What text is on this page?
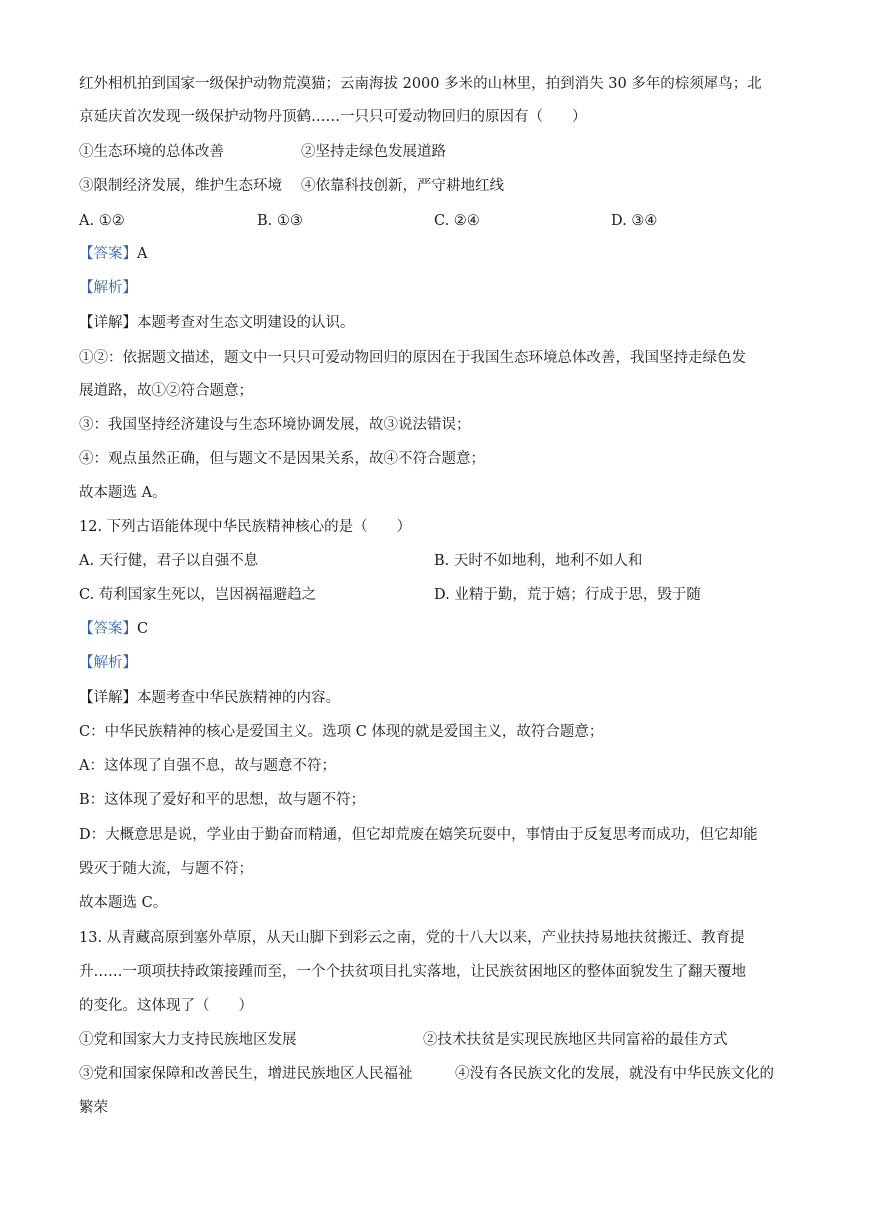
红外相机拍到国家一级保护动物荒漠猫；云南海拔 2000 多米的山林里，拍到消失 30 多年的棕须犀鸟；北
京延庆首次发现一级保护动物丹顶鹤……一只只可爱动物回归的原因有（　　）
①生态环境的总体改善	②坚持走绿色发展道路
③限制经济发展，维护生态环境 ④依靠科技创新，严守耕地红线
A. ①②	B. ①③	C. ②④	D. ③④
【答案】A
【解析】
【详解】本题考查对生态文明建设的认识。
①②：依据题文描述，题文中一只只可爱动物回归的原因在于我国生态环境总体改善，我国坚持走绿色发
展道路，故①②符合题意；
③：我国坚持经济建设与生态环境协调发展，故③说法错误；
④：观点虽然正确，但与题文不是因果关系，故④不符合题意；
故本题选 A。
12. 下列古语能体现中华民族精神核心的是（　　）
A. 天行健，君子以自强不息	B. 天时不如地利，地利不如人和
C. 苟利国家生死以，岂因祸福避趋之	D. 业精于勤，荒于嬉；行成于思，毁于随
【答案】C
【解析】
【详解】本题考查中华民族精神的内容。
C：中华民族精神的核心是爱国主义。选项 C 体现的就是爱国主义，故符合题意；
A：这体现了自强不息，故与题意不符；
B：这体现了爱好和平的思想，故与题不符；
D：大概意思是说，学业由于勤奋而精通，但它却荒废在嬉笑玩耍中，事情由于反复思考而成功，但它却能
毁灭于随大流，与题不符；
故本题选 C。
13. 从青藏高原到塞外草原，从天山脚下到彩云之南，党的十八大以来，产业扶持易地扶贫搬迁、教育提
升……一项项扶持政策接踵而至，一个个扶贫项目扎实落地，让民族贫困地区的整体面貌发生了翻天覆地
的变化。这体现了（　　）
①党和国家大力支持民族地区发展	②技术扶贫是实现民族地区共同富裕的最佳方式
③党和国家保障和改善民生，增进民族地区人民福祉	④没有各民族文化的发展，就没有中华民族文化的
繁荣
